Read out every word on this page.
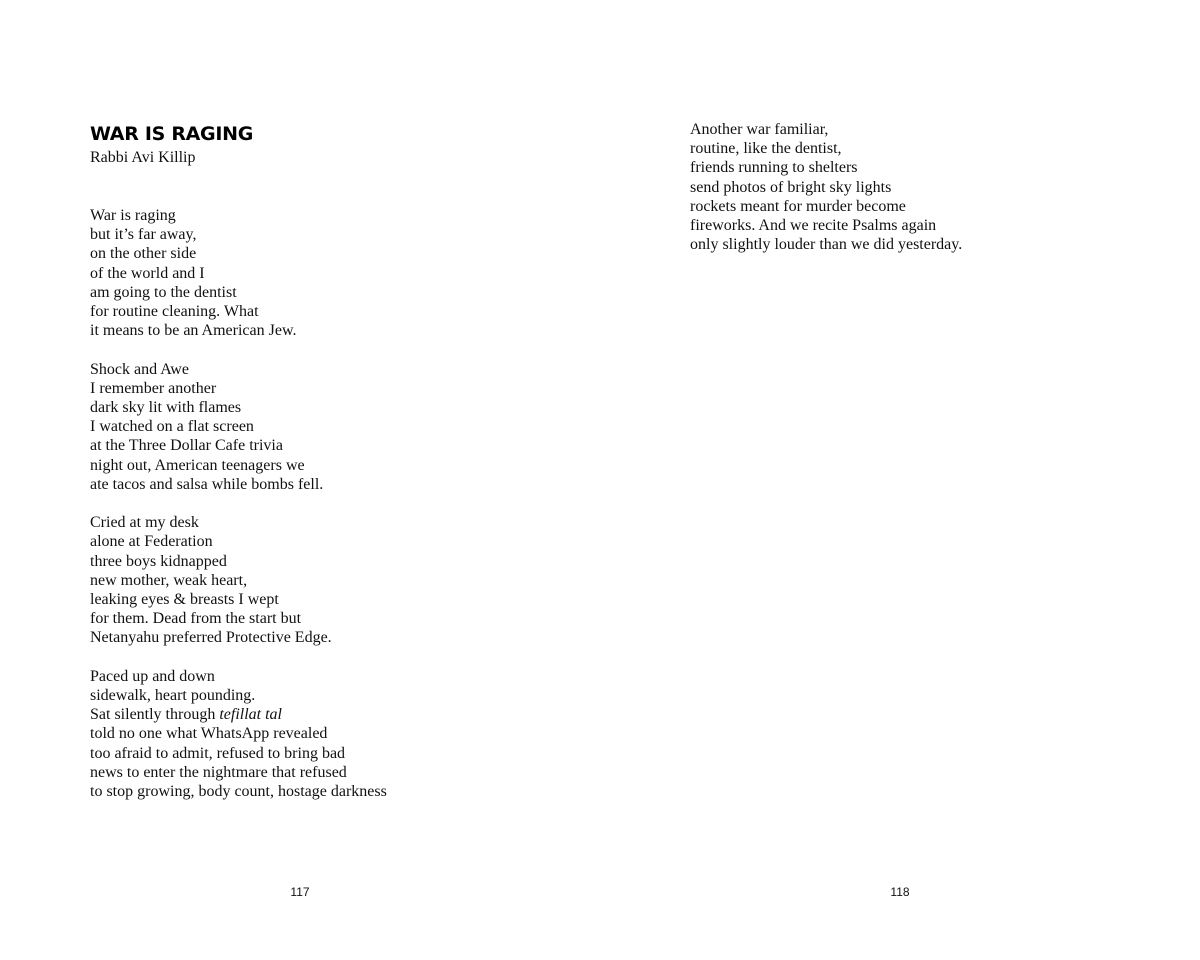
WAR IS RAGING

Rabbi Avi Killip

War is raging
but it’s far away,
on the other side
of the world and I
am going to the dentist
for routine cleaning. What
it means to be an American Jew.

Shock and Awe
I remember another
dark sky lit with flames
I watched on a flat screen
at the Three Dollar Cafe trivia
night out, American teenagers we
ate tacos and salsa while bombs fell.

Cried at my desk
alone at Federation
three boys kidnapped
new mother, weak heart,
leaking eyes & breasts I wept
for them. Dead from the start but
Netanyahu preferred Protective Edge.

Paced up and down
sidewalk, heart pounding.
Sat silently through tefillat tal
told no one what WhatsApp revealed
too afraid to admit, refused to bring bad
news to enter the nightmare that refused
to stop growing, body count, hostage darkness

117

Another war familiar,
routine, like the dentist,
friends running to shelters
send photos of bright sky lights
rockets meant for murder become
fireworks. And we recite Psalms again
only slightly louder than we did yesterday.

118
